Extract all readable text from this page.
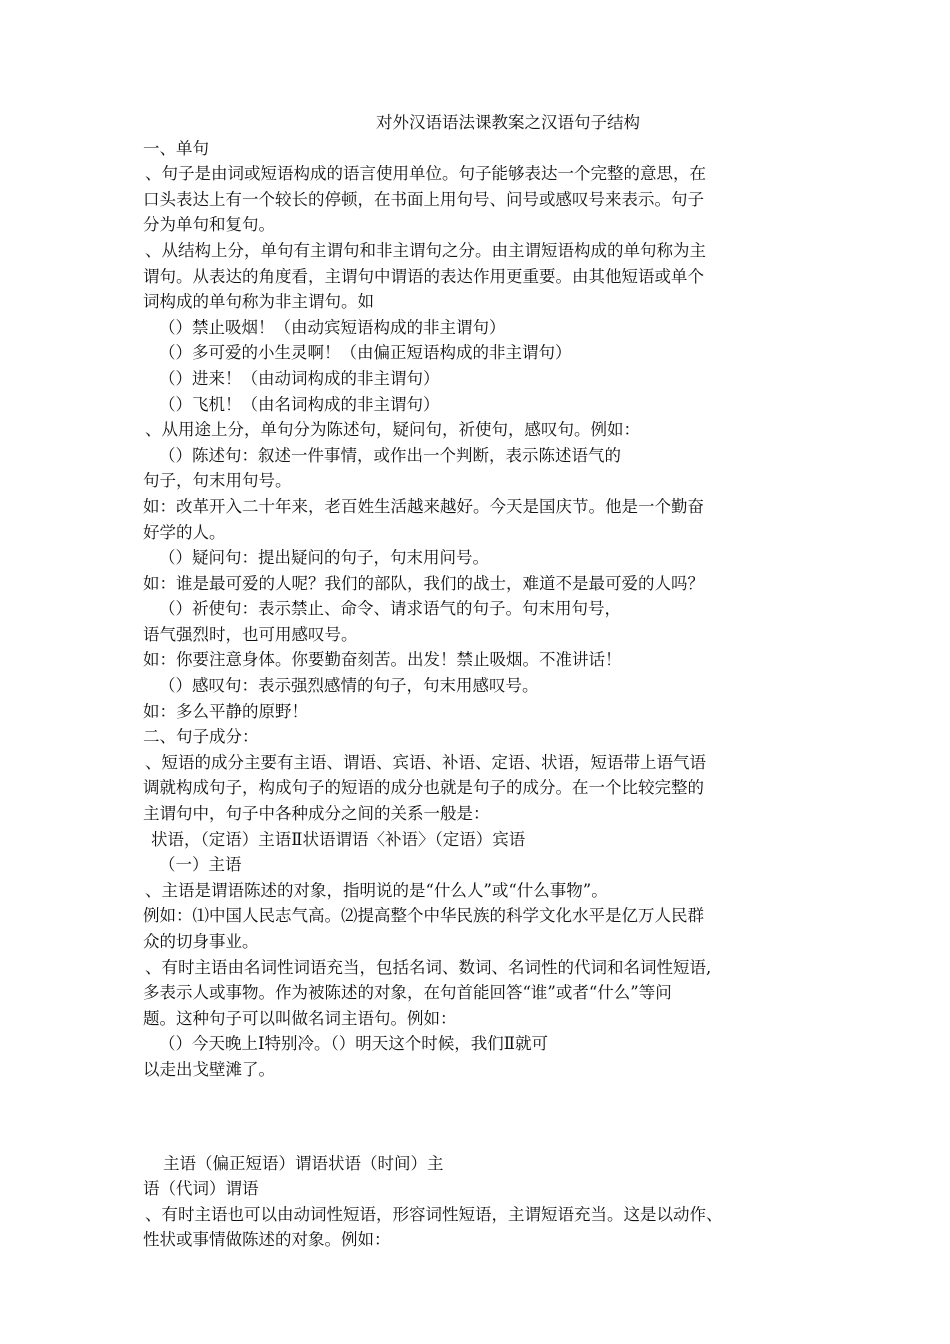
对外汉语语法课教案之汉语句子结构

一、单句

、句子是由词或短语构成的语言使用单位。句子能够表达一个完整的意思，在

口头表达上有一个较长的停顿，在书面上用句号、问号或感叹号来表示。句子

分为单句和复句。

、从结构上分，单句有主谓句和非主谓句之分。由主谓短语构成的单句称为主

谓句。从表达的角度看，主谓句中谓语的表达作用更重要。由其他短语或单个

词构成的单句称为非主谓句。如

（）禁止吸烟！（由动宾短语构成的非主谓句）

（）多可爱的小生灵啊！（由偏正短语构成的非主谓句）

（）进来！（由动词构成的非主谓句）

（）飞机！（由名词构成的非主谓句）

、从用途上分，单句分为陈述句，疑问句，祈使句，感叹句。例如：

（）陈述句：叙述一件事情，或作出一个判断，表示陈述语气的

句子，句末用句号。

如：改革开入二十年来，老百姓生活越来越好。今天是国庆节。他是一个勤奋

好学的人。

（）疑问句：提出疑问的句子，句末用问号。

如：谁是最可爱的人呢？我们的部队，我们的战士，难道不是最可爱的人吗？

（）祈使句：表示禁止、命令、请求语气的句子。句末用句号，

语气强烈时，也可用感叹号。

如：你要注意身体。你要勤奋刻苦。出发！禁止吸烟。不准讲话！

（）感叹句：表示强烈感情的句子，句末用感叹号。

如：多么平静的原野！

二、句子成分：

、短语的成分主要有主语、谓语、宾语、补语、定语、状语，短语带上语气语

调就构成句子，构成句子的短语的成分也就是句子的成分。在一个比较完整的

主谓句中，句子中各种成分之间的关系一般是：

状语，（定语）主语Ⅱ状语谓语〈补语〉（定语）宾语

（一）主语

、主语是谓语陈述的对象，指明说的是“什么人”或“什么事物”。

例如：⑴中国人民志气高。⑵提高整个中华民族的科学文化水平是亿万人民群

众的切身事业。

、有时主语由名词性词语充当，包括名词、数词、名词性的代词和名词性短语,

多表示人或事物。作为被陈述的对象，在句首能回答“谁”或者“什么”等问

题。这种句子可以叫做名词主语句。例如：

（）今天晚上Ⅰ特别冷。（）明天这个时候，我们Ⅱ就可

以走出戈壁滩了。

主语（偏正短语）谓语状语（时间）主

语（代词）谓语

、有时主语也可以由动词性短语，形容词性短语，主谓短语充当。这是以动作、

性状或事情做陈述的对象。例如：
